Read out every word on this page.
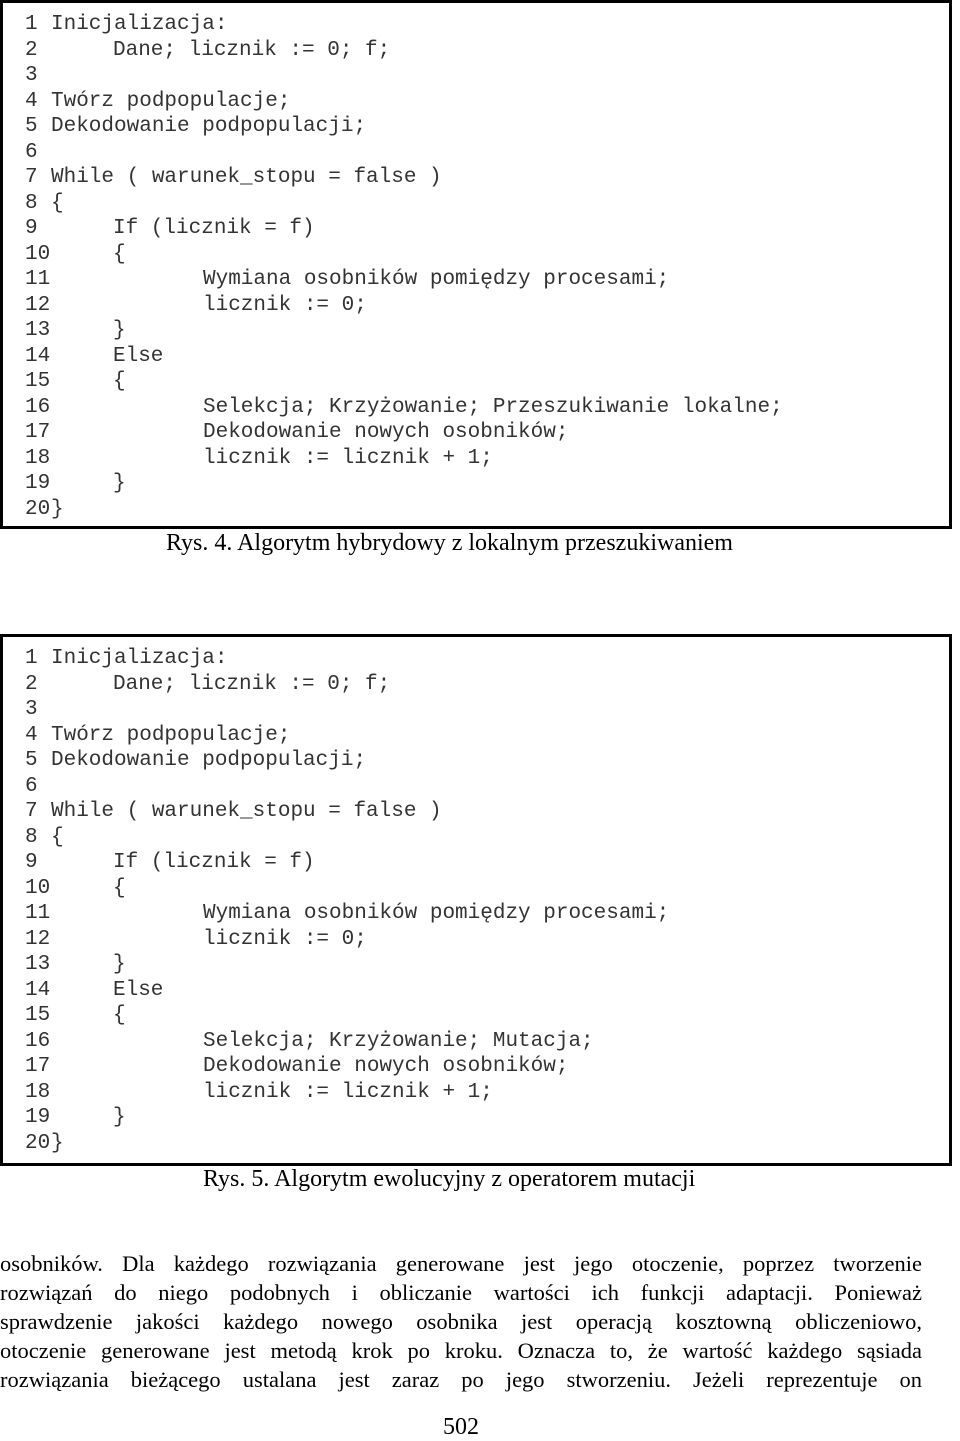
1 Inicjalizacja:
2	Dane; licznik := 0; f;
3
4 Twórz podpopulacje;
5 Dekodowanie podpopulacji;
6
7 While ( warunek_stopu = false )
8 {
9	If (licznik = f)
10	{
11	Wymiana osobników pomiędzy procesami;
12	licznik := 0;
13	}
14	Else
15	{
16	Selekcja; Krzyżowanie; Przeszukiwanie lokalne;
17	Dekodowanie nowych osobników;
18	licznik := licznik + 1;
19	}
20 }
Rys. 4. Algorytm hybrydowy z lokalnym przeszukiwaniem
1 Inicjalizacja:
2	Dane; licznik := 0; f;
3
4 Twórz podpopulacje;
5 Dekodowanie podpopulacji;
6
7 While ( warunek_stopu = false )
8 {
9	If (licznik = f)
10	{
11	Wymiana osobników pomiędzy procesami;
12	licznik := 0;
13	}
14	Else
15	{
16	Selekcja; Krzyżowanie; Mutacja;
17	Dekodowanie nowych osobników;
18	licznik := licznik + 1;
19	}
20 }
Rys. 5. Algorytm ewolucyjny z operatorem mutacji
osobników. Dla każdego rozwiązania generowane jest jego otoczenie, poprzez tworzenie
rozwiązań do niego podobnych i obliczanie wartości ich funkcji adaptacji. Ponieważ
sprawdzenie jakości każdego nowego osobnika jest operacją kosztowną obliczeniowo,
otoczenie generowane jest metodą krok po kroku. Oznacza to, że wartość każdego sąsiada
rozwiązania bieżącego ustalana jest zaraz po jego stworzeniu. Jeżeli reprezentuje on
502
